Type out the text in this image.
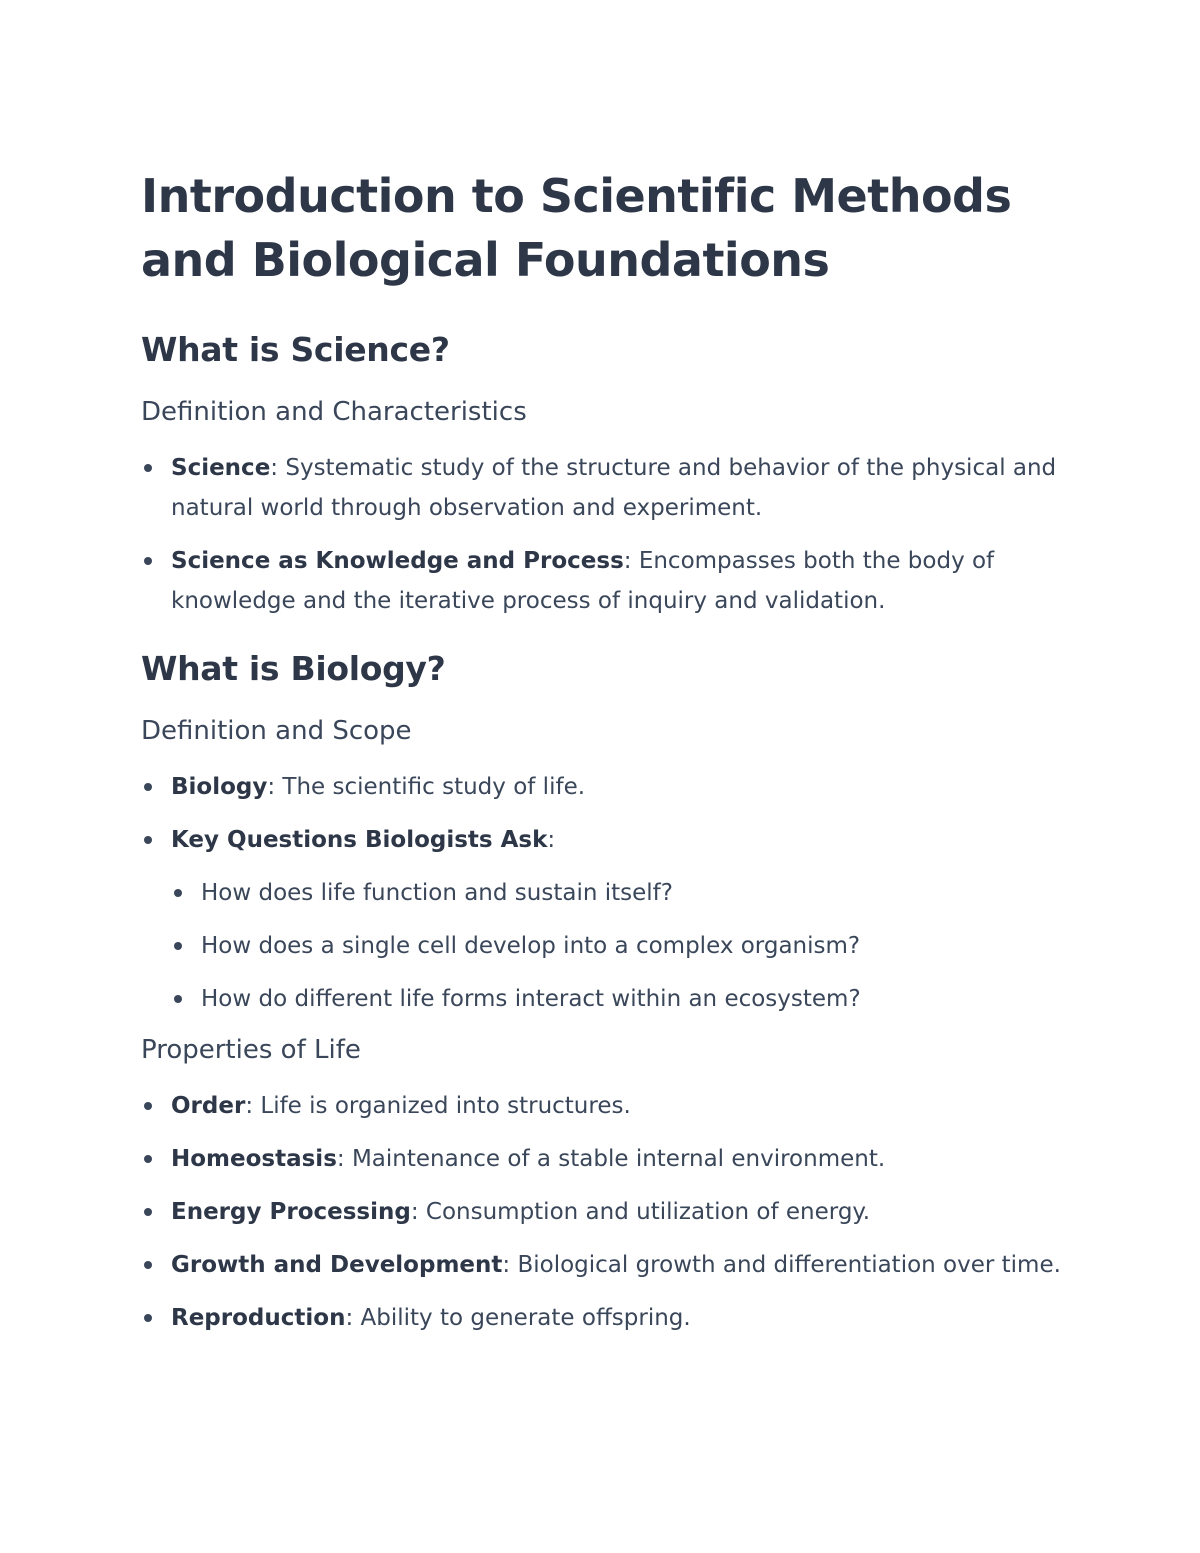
Introduction to Scientific Methods and Biological Foundations
What is Science?
Definition and Characteristics
Science: Systematic study of the structure and behavior of the physical and natural world through observation and experiment.
Science as Knowledge and Process: Encompasses both the body of knowledge and the iterative process of inquiry and validation.
What is Biology?
Definition and Scope
Biology: The scientific study of life.
Key Questions Biologists Ask:
How does life function and sustain itself?
How does a single cell develop into a complex organism?
How do different life forms interact within an ecosystem?
Properties of Life
Order: Life is organized into structures.
Homeostasis: Maintenance of a stable internal environment.
Energy Processing: Consumption and utilization of energy.
Growth and Development: Biological growth and differentiation over time.
Reproduction: Ability to generate offspring.
